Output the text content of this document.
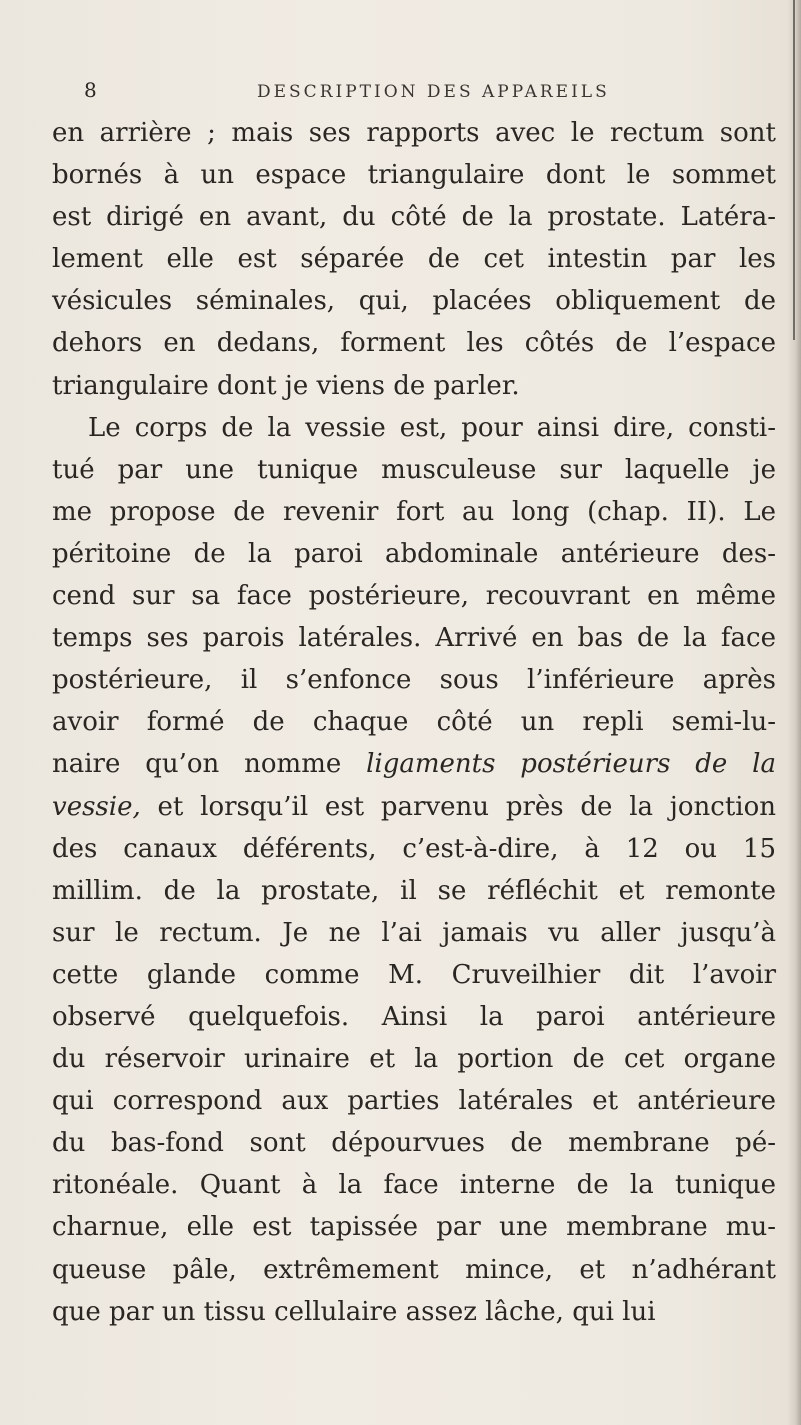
8	DESCRIPTION DES APPAREILS
en arrière ; mais ses rapports avec le rectum sont
bornés à un espace triangulaire dont le sommet
est dirigé en avant, du côté de la prostate. Latéra-
lement elle est séparée de cet intestin par les
vésicules séminales, qui, placées obliquement de
dehors en dedans, forment les côtés de l’espace
triangulaire dont je viens de parler.
Le corps de la vessie est, pour ainsi dire, consti-
tué par une tunique musculeuse sur laquelle je
me propose de revenir fort au long (chap. II). Le
péritoine de la paroi abdominale antérieure des-
cend sur sa face postérieure, recouvrant en même
temps ses parois latérales. Arrivé en bas de la face
postérieure, il s’enfonce sous l’inférieure après
avoir formé de chaque côté un repli semi-lu-
naire qu’on nomme ligaments postérieurs de la
vessie, et lorsqu’il est parvenu près de la jonction
des canaux déférents, c’est-à-dire, à 12 ou 15
millim. de la prostate, il se réfléchit et remonte
sur le rectum. Je ne l’ai jamais vu aller jusqu’à
cette glande comme M. Cruveilhier dit l’avoir
observé quelquefois. Ainsi la paroi antérieure
du réservoir urinaire et la portion de cet organe
qui correspond aux parties latérales et antérieure
du bas-fond sont dépourvues de membrane pé-
ritonéale. Quant à la face interne de la tunique
charnue, elle est tapissée par une membrane mu-
queuse pâle, extrêmement mince, et n’adhérant
que par un tissu cellulaire assez lâche, qui lui
